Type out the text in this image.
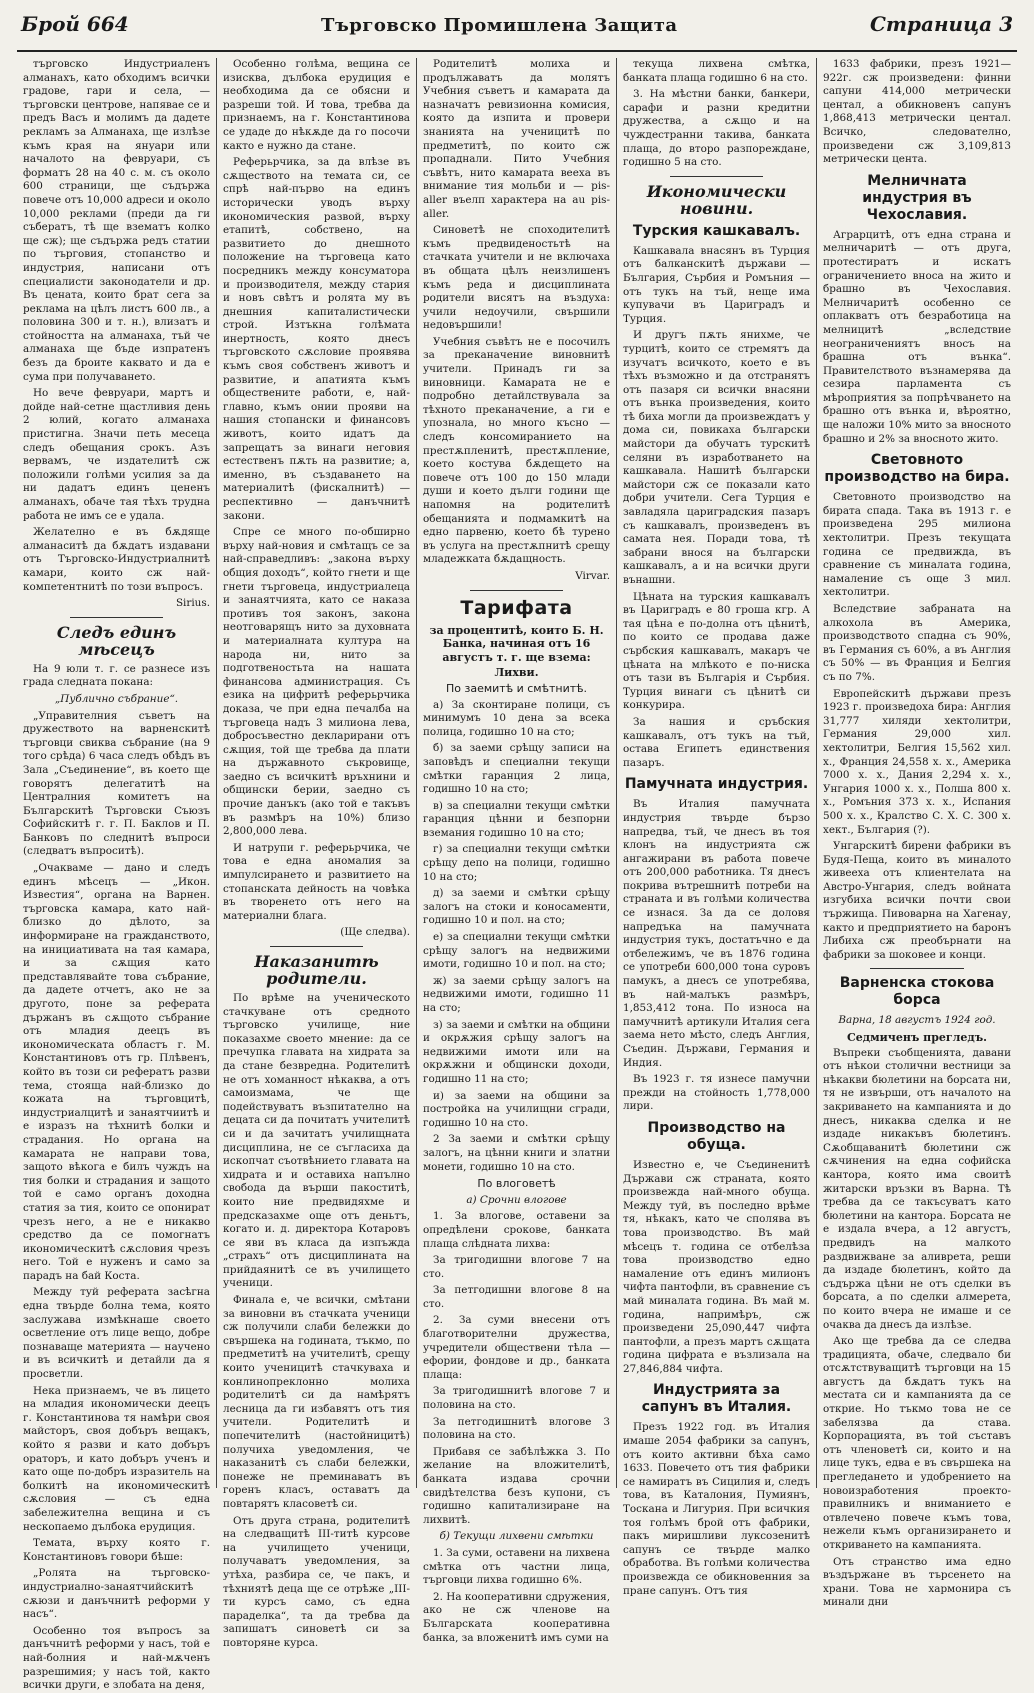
Брой 664	Търговско Промишлена Защита	Страница 3

търговско Индустриаленъ алманахъ, като обходимъ всички градове, гари и села, — търговски центрове, напявае се и предъ Васъ и молимъ да дадете рекламъ за Алманаха, ще излѣзе къмъ края на януари или началото на февруари, съ форматъ 28 на 40 с. м. съ около 600 страници, ще съдържа повече отъ 10,000 адреси и около 10,000 реклами (преди да ги събератъ, тѣ ще взематъ колко ще сж); ще съдържа редъ статии по търговия, стопанство и индустрия, написани отъ специалисти законодатели и др. Въ цената, които брат сега за реклама на цѣлъ листъ 600 лв., а половина 300 и т. н.), влизатъ и стойността на алманаха, тъй че алманаха ще бъде изпратенъ безъ да броите каквато и да е сума при получаването.

Но вече февруари, мартъ и дойде най-сетне щастливия день 2 юлий, когато алманаха пристигна. Значи петь месеца следъ обещания срокъ. Азъ вервамъ, че издателитѣ сж положили голѣми усилия за да ни дадатъ единъ цененъ алманахъ, обаче тая тѣхъ трудна работа не имъ се е удала.

Желателно е въ бѫдяще алманаситѣ да бѫдатъ издавани отъ Търговско-Индустриалнитѣ камари, които сж най-компетентнитѣ по този въпросъ.

Sirius.
Следъ единъ мѣсецъ

На 9 юли т. г. се разнесе изъ града следната покана:

„Публично събрание“.

„Управителния съветъ на дружеството на варненскитѣ търговци свиква събрание (на 9 того срѣда) 6 часа следъ обѣдъ въ Зала „Съединение“, въ което ще говорятъ делегатитѣ на Централния комитетъ на Българскитѣ Търговски Съюзъ Софийскитѣ г. г. П. Баклов и П. Банковъ по следнитѣ въпроси (следватъ въпроситѣ).

„Очакваме — дано и следъ единъ мѣсецъ — „Икон. Известия“, органа на Варнен. търговска камара, като най-близко до дѣлото, за информиране на гражданството, на инициативата на тая камара, и за сѫщия като представлявайте това събрание, да дадете отчетъ, ако не за другото, поне за реферата държанъ въ сѫщото събрание отъ младия деецъ въ икономическата областъ г. М. Константиновъ отъ гр. Плѣвенъ, който въ този си рефератъ разви тема, стояща най-близко до кожата на търговцитѣ, индустриалцитѣ и занаятчиитѣ и е изразъ на тѣхнитѣ болки и страдания. Но органа на камарата не направи това, защото вѣкога е билъ чуждъ на тия болки и страдания и защото той е само органъ доходна статия за тия, които се опонират чрезъ него, а не е никакво средство да се помогнатъ икономическитѣ сѫсловия чрезъ него. Той е нуженъ и само за парадъ на бай Коста.

Между туй реферата засѣгна една твърде болна тема, която заслужава измѣкнаше своето осветление отъ лице вещо, добре познаваще материята — научено и въ всичкитѣ и детайли да я просветли.

Нека признаемъ, че въ лицето на младия икономически деецъ г. Константинова тя намѣри своя майсторъ, своя добъръ вещакъ, който я разви и като добъръ ораторъ, и като добъръ ученъ и като още по-добръ изразитель на болкитѣ на икономическитѣ сѫсловия — съ една забележителна вещина и съ нескопаемо дълбока ерудиция.

Темата, върху която г. Константиновъ говори бѣше:

„Ролята на търговско-индустриално-занаятчийскитѣ сѫюзи и данъчнитѣ реформи у насъ“.

Особенно тоя въпросъ за данъчнитѣ реформи у насъ, той е най-болния и най-мѫченъ разрешимия; у насъ той, както всички други, е злобата на деня,

Особенно голѣма, вещина се изисква, дълбока ерудиция е необходима да се обясни и разреши той. И това, требва да признаемъ, на г. Константинова се удаде до нѣкѫде да го посочи както е нужно да стане.

Реферьрчика, за да влѣзе въ сѫществото на темата си, се спрѣ най-първо на единъ исторически уводъ върху икономическия развой, върху етапитѣ, собствено, на развитието до днешното положение на търговеца като посредникъ между консуматора и производителя, между стария и новъ свѣтъ и ролята му въ днешния капиталистически строй. Изтъкна голѣмата инертность, която днесъ търговското сѫсловие проявява къмъ своя собственъ животъ и развитие, и апатията къмъ обществените работи, е, най-главно, къмъ онии прояви на нашия стопански и финансовъ животъ, които идатъ да запрещатъ за винаги неговия естественъ пѫть на развитие; а, именно, въ създаването на материалитѣ (фискалнитѣ) — респективно — данъчнитѣ закони.

Спре се много по-обширно върху най-новия и смѣтащъ се за най-справедливъ: „закона върху общия доходъ“, който гнети и ще гнети търговеца, индустриалеца и занаятчията, като се наказа противъ тоя законъ, закона неотговарящъ нито за духовната и материалната култура на народа ни, нито за подготвеностьта на нашата финансова администрация. Съ езика на цифритѣ реферьрчика доказа, че при една печалба на търговеца надъ 3 милиона лева, добросъвестно декларирани отъ сѫщия, той ще требва да плати на държавното съкровище, заедно съ всичкитѣ връхнини и общински берии, заедно съ прочие данъкъ (ако той е такъвъ въ размѣръ на 10%) близо 2,800,000 лева.

И натрупи г. реферьрчика, че това е една аномалия за импулсирането и развитието на стопанската дейность на човѣка въ творенето отъ него на материални блага.

(Ще следва).
Наказанитѣ родители.

По врѣме на ученическото стачкуване отъ средното търговско училище, ние показахме своето мнение: да се пречупка главата на хидрата за да стане безвредна. Родителитѣ не отъ хоманност нѣкаква, а отъ самоизмама, че ще подействуватъ възпитателно на децата си да почитатъ учителитѣ си и да зачитатъ училищната дисциплина, не се съгласиха да ископчат съотвѣнието главата на хидрата и и оставиха напълно свобода да върши пакоститѣ, които ние предвидяхме и предсказахме още отъ деньтъ, когато и. д. директора Котаровъ се яви въ класа да изпъжда „страхъ“ отъ дисциплината на прийдаянитѣ се въ училището ученици.

Финала е, че всички, смѣтани за виновни въ стачката ученици сж получили слаби бележки до свършека на годината, тъкмо, по предметитѣ на учителитѣ, срещу които ученицитѣ стачкуваха и конлинопреклонно молиха родителитѣ си да намѣрятъ лесница да ги избавятъ отъ тия учители. Родителитѣ и попечителитѣ (настойницитѣ) получиха уведомления, че наказанитѣ съ слаби бележки, понеже не преминаватъ въ горенъ класъ, оставатъ да повтарятъ класоветѣ си.

Отъ друга страна, родителитѣ на следващитѣ III-титѣ курсове на училището ученици, получаватъ уведомления, за утѣха, разбира се, че пакъ, и тѣхниятѣ деца ще се отрѣже „III-ти курсъ само, съ една параделка“, та да требва да запишатъ синоветѣ си за повторяне курса.

Родителитѣ молиха и продължаватъ да молятъ Учебния съветъ и камарата да назначатъ ревизионна комисия, която да изпита и провери знанията на ученицитѣ по предметитѣ, по които сж пропаднали. Пито Учебния съвѣтъ, нито камарата вееха въ внимание тия мольби и — pis-aller въелп характера на au pis-aller.

Синоветѣ не споходителитѣ къмъ предвиденостьтѣ на стачката учители и не включаха въ общата цѣлъ неизлишенъ къмъ реда и дисциплината родители висятъ на въздуха: учили недоучили, свършили недовършили!

Учебния съвѣтъ не е посочилъ за преканачение виновнитѣ учители. Принадъ ги за виновници. Камарата не е подробно детайлствувала за тѣхното преканачение, а ги е упознала, но много късно — следъ консомиранието на престѫпленитѣ, престѫпление, което костува бѫдещето на повече отъ 100 до 150 млади души и което дълги години ще напомня на родителитѣ обещанията и подмамкитѣ на едно парвеню, което бѣ турено въ услуга на престѫпнитѣ срещу младежката бѫдащность.

Virvar.
Тарифата
за процентитѣ, които Б. Н. Банка, начиная отъ 16 августъ т. г. ще взема:
Лихви.
По заемитѣ и смѣтнитѣ.

а) За сконтиране полици, съ минимумъ 10 дена за всека полица, годишно 10 на сто;

б) за заеми срѣщу записи на заповѣдъ и специални текущи смѣтки гаранция 2 лица, годишно 10 на сто;

в) за специални текущи смѣтки гаранция цѣнни и безпорни вземания годишно 10 на сто;

г) за специални текущи смѣтки срѣщу депо на полици, годишно 10 на сто;

д) за заеми и смѣтки срѣщу залогъ на стоки и коносаменти, годишно 10 и пол. на сто;

е) за специални текущи смѣтки срѣщу залогъ на недвижими имоти, годишно 10 и пол. на сто;

ж) за заеми срѣщу залогъ на недвижими имоти, годишно 11 на сто;

з) за заеми и смѣтки на общини и окрѫжия срѣщу залогъ на недвижими имоти или на окрѫжни и общински доходи, годишно 11 на сто;

и) за заеми на общини за постройка на училищни сгради, годишно 10 на сто.

2 За заеми и смѣтки срѣщу залогъ, на цѣнни книги и златни монети, годишно 10 на сто.

По влоговетѣ
а) Срочни влогове

1. За влогове, оставени за опредѣлени срокове, банката плаща слѣдната лихва:

За тригодишни влогове 7 на сто.

За петгодишни влогове 8 на сто.

2. За суми внесени отъ благотворителни дружества, учредители обществени тѣла — ефории, фондове и др., банката плаща:

За тригодишнитѣ влогове 7 и половина на сто.

За петгодишнитѣ влогове 3 половина на сто.

Прибавя се забѣлѣжка 3. По желание на вложителитѣ, банката издава срочни свидѣтелства безъ купони, съ годишно капитализиране на лихвитѣ.

б) Текущи лихвени смѣтки

1. За суми, оставени на лихвена смѣтка отъ частни лица, търговци лихва годишно 6%.

2. На кооперативни сдружения, ако не сж членове на Българската кооперативна банка, за вложенитѣ имъ суми на

текуща лихвена смѣтка, банката плаща годишно 6 на сто.

3. На мѣстни банки, банкери, сарафи и разни кредитни дружества, а сѫщо и на чуждестранни такива, банката плаща, до второ разпореждане, годишно 5 на сто.

Икономически новини.
Турския кашкавалъ.

Кашкавала внасянъ въ Турция отъ балканскитѣ държави — България, Сърбия и Ромъния — отъ тукъ на тъй, неще има купувачи въ Цариградъ и Турция.

И другъ пѫть янихме, че турцитѣ, които се стремятъ да изучатъ всичкото, което е въ тѣхъ възможно и да отстранятъ отъ пазаря си всички внасяни отъ вънка произведения, които тѣ биха могли да произвеждатъ у дома си, повикаха български майстори да обучатъ турскитѣ селяни въ изработването на кашкавала. Нашитѣ български майстори сж се показали като добри учители. Сега Турция е завладяла цариградския пазаръ съ кашкавалъ, произведенъ въ самата нея. Поради това, тѣ забрани внося на български кашкавалъ, а и на всички други вънашни.

Цѣната на турския кашкавалъ въ Цариградъ е 80 гроша кгр. А тая цѣна е по-долна отъ цѣнитѣ, по които се продава даже сърбския кашкавалъ, макаръ че цѣната на млѣкото е по-ниска отъ тази въ Българія и Сърбия. Турция винаги съ цѣнитѣ си конкурира.

За нашия и сръбския кашкавалъ, отъ тукъ на тъй, остава Египетъ единствения пазаръ.

Памучната индустрия.

Въ Италия памучната индустрия твърде бързо напредва, тъй, че днесъ въ тоя клонъ на индустрията сж ангажирани въ работа повече отъ 200,000 работника. Тя днесъ покрива вътрешнитѣ потреби на страната и въ голѣми количества се изнася. За да се доловя напредъка на памучната индустрия тукъ, достатъчно е да отбележимъ, че въ 1876 година се употреби 600,000 тона суровъ памукъ, а днесъ се употребява, въ най-малъкъ размѣръ, 1,853,412 тона. По износа на памучнитѣ артикули Италия сега заема нето мѣсто, следъ Англия, Съедин. Държави, Германия и Индия.

Въ 1923 г. тя изнесе памучни прежди на стойность 1,778,000 лири.

Производство на обуща.

Известно е, че Съединенитѣ Държави сж страната, която произвежда най-много обуща. Между туй, въ последно врѣме тя, нѣкакъ, като че сполява въ това производство. Въ май мѣсецъ т. година се отбелѣза това производство едно намаление отъ единъ милионъ чифта пантофли, въ сравнение съ май миналата година. Въ май м. година, напримѣръ, сж произведени 25,090,447 чифта пантофли, а презъ мартъ сѫщата година цифрата е възлизала на 27,846,884 чифта.

Индустрията за сапунъ въ Италия.

Презъ 1922 год. въ Италия имаше 2054 фабрики за сапунъ, отъ които активни бѣха само 1633. Повечето отъ тия фабрики се намиратъ въ Сицилия и, следъ това, въ Каталония, Пумиянъ, Тоскана и Лигурия. При всичкия тоя голѣмъ брой отъ фабрики, пакъ миришливи луксозенитѣ сапунъ се твърде малко обработва. Въ голѣми количества произвежда се обикновенния за пране сапунъ. Отъ тия

1633 фабрики, презъ 1921—922г. сж произведени: финни сапуни 414,000 метрически центал, а обикновенъ сапунъ 1,868,413 метрически центал. Всичко, следователно, произведени сж 3,109,813 метрически цента.

Мелничната индустрия въ Чехославия.

Аграрцитѣ, отъ една страна и мелничаритѣ — отъ друга, протестиратъ и искатъ ограничението вноса на жито и брашно въ Чехославия. Мелничаритѣ особенно се оплакватъ отъ безработица на мелницитѣ „вследствие неограничениятъ вносъ на брашна отъ вънка“. Правителството възнамерява да сезира парламента съ мѣроприятия за попрѣчването на брашно отъ вънка и, вѣроятно, ще наложи 10% мито за вносното брашно и 2% за вносното жито.

Световното производство на бира.

Световното производство на бирата спада. Така въ 1913 г. е произведена 295 милиона хектолитри. Презъ текущата година се предвижда, въ сравнение съ миналата година, намаление съ още 3 мил. хектолитри.

Вследствие забраната на алкохола въ Америка, производството спадна съ 90%, въ Германия съ 60%, а въ Англия съ 50% — въ Франция и Белгия съ по 7%.

Европейскитѣ държави презъ 1923 г. произведоха бира: Англия 31,777 хиляди хектолитри, Германия 29,000 хил. хектолитри, Белгия 15,562 хил. х., Франция 24,558 х. х., Америка 7000 х. х., Дания 2,294 х. х., Унгария 1000 х. х., Полша 800 х. х., Ромъния 373 х. х., Испания 500 х. х., Кралство С. Х. С. 300 х. хект., България (?).

Унгарскитѣ бирени фабрики въ Будя-Пеща, които въ миналото живееха отъ клиентелата на Австро-Унгария, следъ войната изгубиха всички почти свои тържища. Пивоварна на Хагенау, както и предприятието на баронъ Либиха сж преобърнати на фабрики за шоковее и конци.

Варненска стокова борса
Варна, 18 августъ 1924 год.
Седмиченъ прегледъ.

Въпреки съобщенията, давани отъ нѣкои столични вестници за нѣкакви бюлетини на борсата ни, тя не извърши, отъ началото на закриването на кампанията и до днесъ, никаква сделка и не издаде никакъвъ бюлетинъ. Сѫобщаванитѣ бюлетини сж сѫчинения на една софийска кантора, която има своитѣ житарски връзки въ Варна. Тѣ требва да се такъсуватъ като бюлетини на кантора. Борсата не е издала вчера, а 12 августъ, предвидъ на малкото раздвижване за аливрета, реши да издаде бюлетинъ, който да съдържа цѣни не отъ сделки въ борсата, а по сделки алмерета, по които вчера не имаше и се очаква да днесъ да излѣзе.

Ако ще требва да се следва традицията, обаче, следвало би отсѫтствуващитѣ търговци на 15 августъ да бѫдатъ тукъ на местата си и кампанията да се открие. Но тъкмо това не се забелязва да става. Корпорацията, въ той съставъ отъ членоветѣ си, които и на лице тукъ, едва е въ свършека на прегледането и удобрението на новоизработения проекто-правилникъ и вниманието е отвлечено повече къмъ това, нежели къмъ организирането и откриването на кампанията.

Отъ странство има едно въздържане въ търсенето на храни. Това не хармонира съ минали дни
